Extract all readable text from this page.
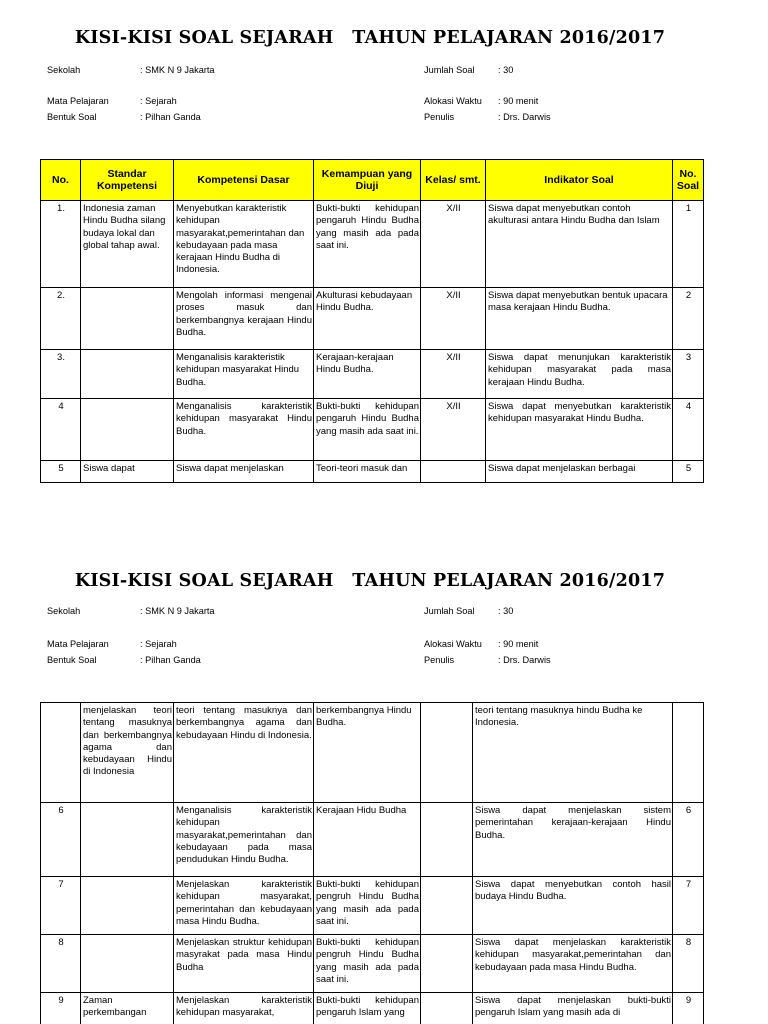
KISI-KISI SOAL SEJARAH   TAHUN PELAJARAN 2016/2017
Sekolah	: SMK N 9 Jakarta	Jumlah Soal	: 30
Mata Pelajaran	: Sejarah	Alokasi Waktu : 90 menit
Bentuk Soal	: Pilhan Ganda	Penulis	: Drs. Darwis
No.	Standar Kompetensi	Kompetensi Dasar	Kemampuan yang Diuji	Kelas/ smt.	Indikator Soal	No. Soal
1.	Indonesia zaman Hindu Budha silang budaya lokal dan global tahap awal.	Menyebutkan karakteristik kehidupan masyarakat,pemerintahan dan kebudayaan pada masa kerajaan Hindu Budha di Indonesia.	Bukti-bukti kehidupan pengaruh Hindu Budha yang masih ada pada saat ini.	X/II	Siswa dapat menyebutkan contoh akulturasi antara Hindu Budha dan Islam	1
2.		Mengolah informasi mengenai proses masuk dan berkembangnya kerajaan Hindu Budha.	Akulturasi kebudayaan Hindu Budha.	X/II	Siswa dapat menyebutkan bentuk upacara masa kerajaan Hindu Budha.	2
3.		Menganalisis karakteristik kehidupan masyarakat Hindu Budha.	Kerajaan-kerajaan Hindu Budha.	X/II	Siswa dapat menunjukan karakteristik kehidupan masyarakat pada masa kerajaan Hindu Budha.	3
4		Menganalisis karakteristik kehidupan masyarakat Hindu Budha.	Bukti-bukti kehidupan pengaruh Hindu Budha yang masih ada saat ini.	X/II	Siswa dapat menyebutkan karakteristik kehidupan masyarakat Hindu Budha.	4
5	Siswa dapat	Siswa dapat menjelaskan	Teori-teori masuk dan		Siswa dapat menjelaskan berbagai	5
KISI-KISI SOAL SEJARAH   TAHUN PELAJARAN 2016/2017
Sekolah	: SMK N 9 Jakarta	Jumlah Soal	: 30
Mata Pelajaran	: Sejarah	Alokasi Waktu : 90 menit
Bentuk Soal	: Pilhan Ganda	Penulis	: Drs. Darwis
	menjelaskan teori tentang masuknya dan berkembangnya agama dan kebudayaan Hindu di Indonesia	teori tentang masuknya dan berkembangnya agama dan kebudayaan Hindu di Indonesia.	berkembangnya Hindu Budha.		teori tentang masuknya hindu Budha ke Indonesia.	
6		Menganalisis karakteristik kehidupan masyarakat,pemerintahan dan kebudayaan pada masa pendudukan Hindu Budha.	Kerajaan Hidu Budha		Siswa dapat menjelaskan sistem pemerintahan kerajaan-kerajaan Hindu Budha.	6
7		Menjelaskan karakteristik kehidupan masyarakat, pemerintahan dan kebudayaan masa Hindu Budha.	Bukti-bukti kehidupan pengruh Hindu Budha yang masih ada pada saat ini.		Siswa dapat menyebutkan contoh hasil budaya Hindu Budha.	7
8		Menjelaskan struktur kehidupan masyrakat pada masa Hindu Budha	Bukti-bukti kehidupan pengruh Hindu Budha yang masih ada pada saat ini.		Siswa dapat menjelaskan karakteristik kehidupan masyarakat,pemerintahan dan kebudayaan pada masa Hindu Budha.	8
9	Zaman perkembangan	Menjelaskan karakteristik kehidupan masyarakat,	Bukti-bukti kehidupan pengaruh Islam yang		Siswa dapat menjelaskan bukti-bukti pengaruh Islam yang masih ada di	9
